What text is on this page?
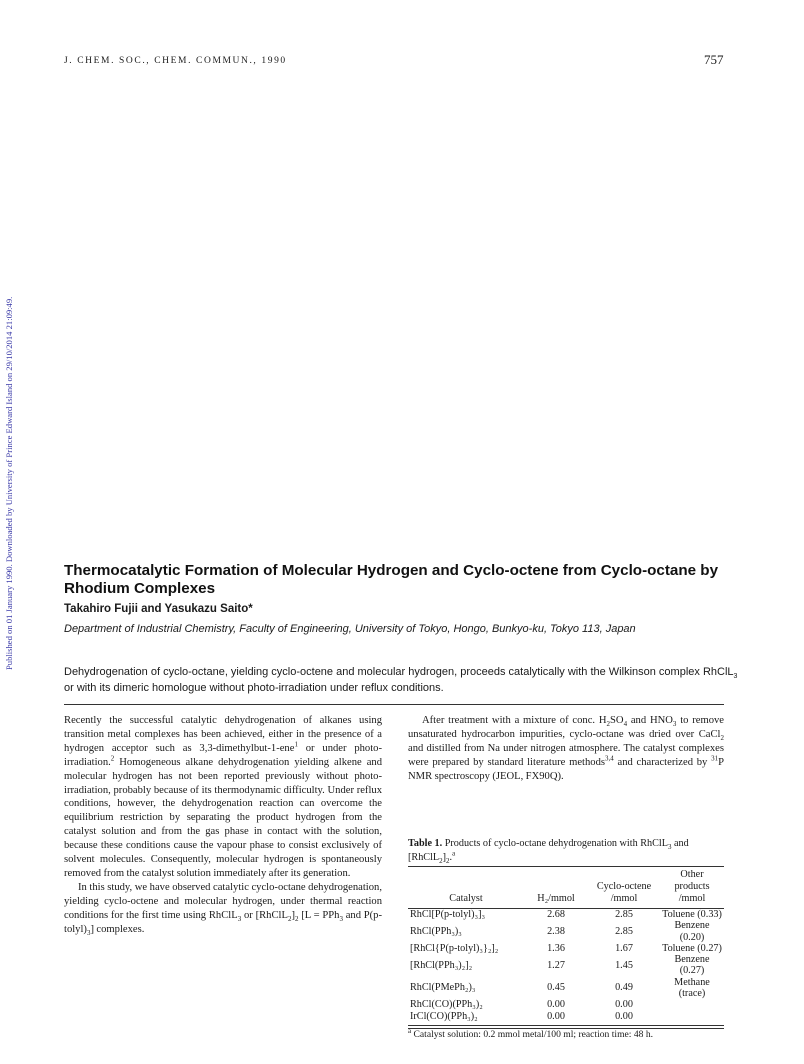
Published on 01 January 1990. Downloaded by University of Prince Edward Island on 29/10/2014 21:09:49.
J. CHEM. SOC., CHEM. COMMUN., 1990	757
Thermocatalytic Formation of Molecular Hydrogen and Cyclo-octene from Cyclo-octane by Rhodium Complexes
Takahiro Fujii and Yasukazu Saito*
Department of Industrial Chemistry, Faculty of Engineering, University of Tokyo, Hongo, Bunkyo-ku, Tokyo 113, Japan
Dehydrogenation of cyclo-octane, yielding cyclo-octene and molecular hydrogen, proceeds catalytically with the Wilkinson complex RhClL$_3$ or with its dimeric homologue without photo-irradiation under reflux conditions.

Recently the successful catalytic dehydrogenation of alkanes using transition metal complexes has been achieved, either in the presence of a hydrogen acceptor such as 3,3-dimethylbut-1-ene$^1$ or under photo-irradiation.$^2$ Homogeneous alkane dehydrogenation yielding alkene and molecular hydrogen has not been reported previously without photo-irradiation, probably because of its thermodynamic difficulty. Under reflux conditions, however, the dehydrogenation reaction can overcome the equilibrium restriction by separating the product hydrogen from the catalyst solution and from the gas phase in contact with the solution, because these conditions cause the vapour phase to consist exclusively of solvent molecules. Consequently, molecular hydrogen is spontaneously removed from the catalyst solution immediately after its generation.

In this study, we have observed catalytic cyclo-octane dehydrogenation, yielding cyclo-octene and molecular hydrogen, under thermal reaction conditions for the first time using RhClL$_3$ or $[RhClL_2]_2$ [L = PPh$_3$ and $P(p-tolyl)_3$] complexes.

After treatment with a mixture of conc. $H_2SO_4$ and $HNO_3$ to remove unsaturated hydrocarbon impurities, cyclo-octane was dried over CaCl$_2$ and distilled from Na under nitrogen atmosphere. The catalyst complexes were prepared by standard literature methods$^{3,4}$ and characterized by $^{31}$P NMR spectroscopy (JEOL, FX90Q).

Table 1. Products of cyclo-octane dehydrogenation with RhClL$_3$ and $[RhClL_2]_2.^a$

Catalyst	H₂/mmol	Cyclo-octene
/mmol	Other products
/mmol
RhCl[P(p-tolyl)₃]₃	2.68	2.85	Toluene (0.33)
RhCl(PPh₃)₃	2.38	2.85	Benzene (0.20)
[RhCl{P(p-tolyl)₃}₂]₂	1.36	1.67	Toluene (0.27)
[RhCl(PPh₃)₂]₂	1.27	1.45	Benzene (0.27)
RhCl(PMePh₂)₃	0.45	0.49	Methane (trace)
RhCl(CO)(PPh₃)₂	0.00	0.00	
IrCl(CO)(PPh₃)₂	0.00	0.00	
$^a$ Catalyst solution: 0.2 mmol metal/100 ml; reaction time: 48 h.
